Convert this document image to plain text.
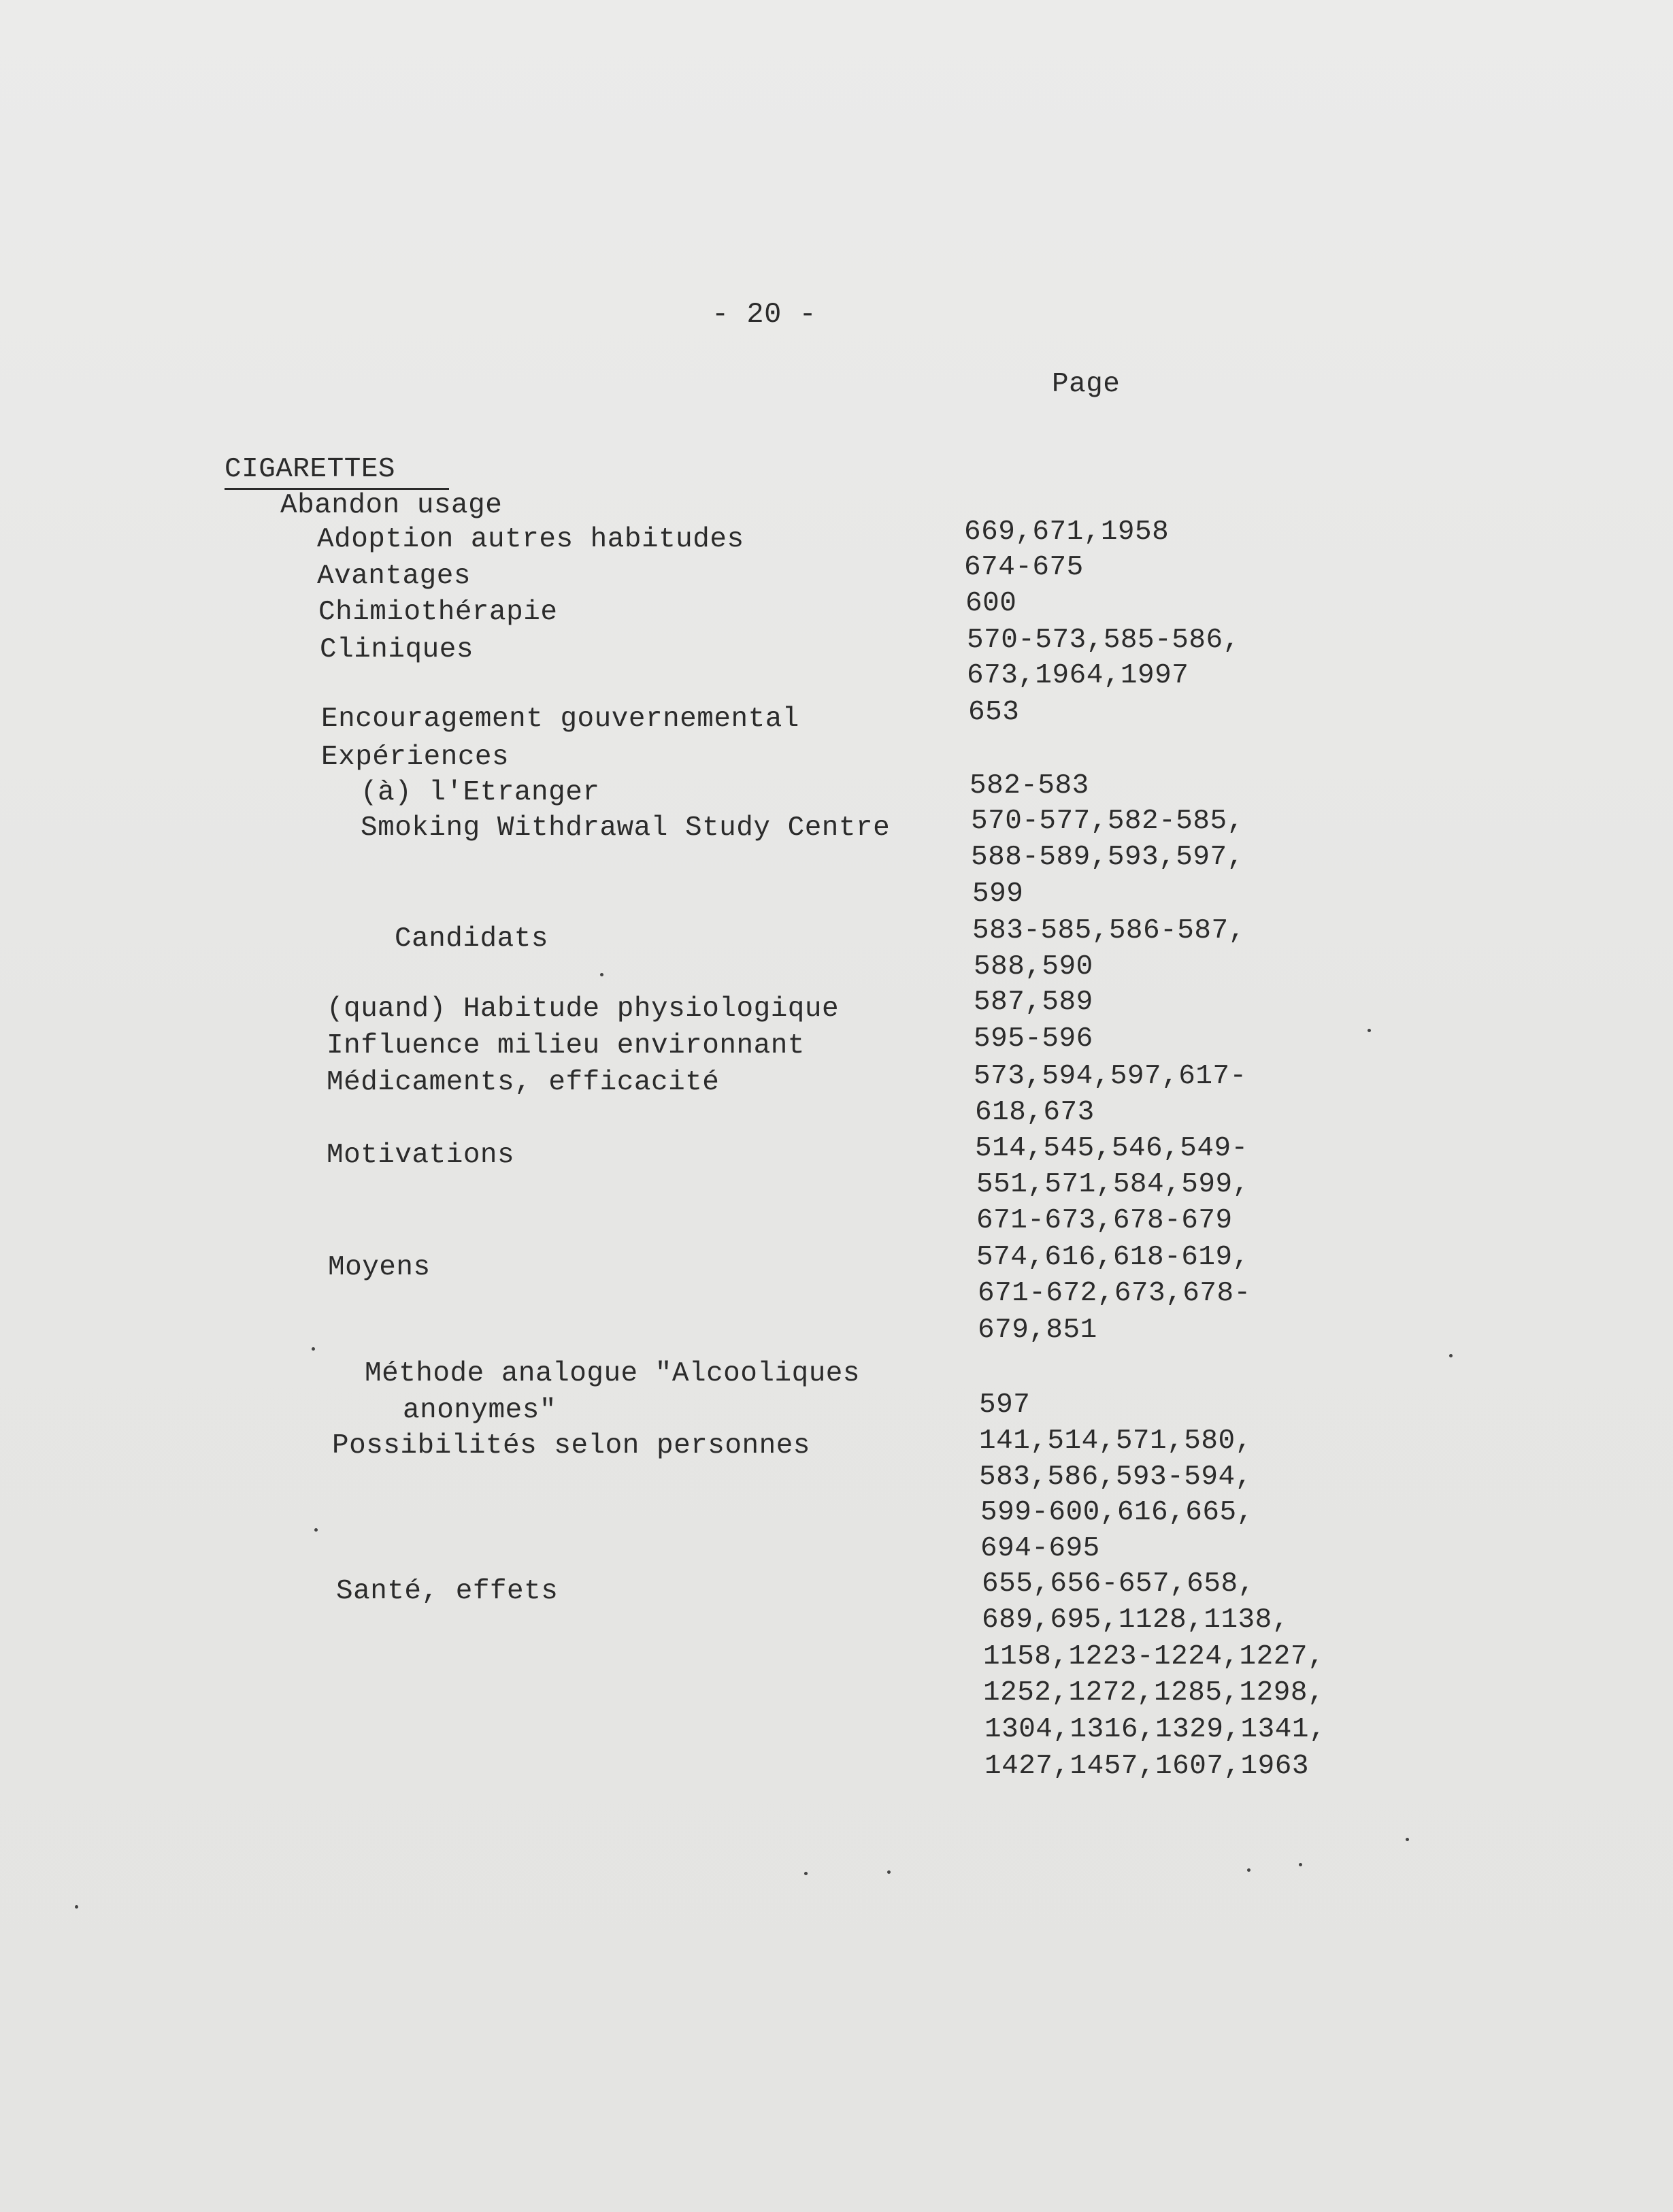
- 20 -
Page
CIGARETTES
Abandon usage
Adoption autres habitudes	669,671,1958
Avantages	674-675
Chimiothérapie	600
Cliniques	570-573,585-586,
673,1964,1997
Encouragement gouvernemental	653
Expériences
(à) l'Etranger	582-583
Smoking Withdrawal Study Centre	570-577,582-585,
588-589,593,597,
599
Candidats	583-585,586-587,
588,590
(quand) Habitude physiologique	587,589
Influence milieu environnant	595-596
Médicaments, efficacité	573,594,597,617-
618,673
Motivations	514,545,546,549-
551,571,584,599,
671-673,678-679
Moyens	574,616,618-619,
671-672,673,678-
679,851
Méthode analogue "Alcooliques
anonymes"	597
Possibilités selon personnes	141,514,571,580,
583,586,593-594,
599-600,616,665,
694-695
Santé, effets	655,656-657,658,
689,695,1128,1138,
1158,1223-1224,1227,
1252,1272,1285,1298,
1304,1316,1329,1341,
1427,1457,1607,1963
